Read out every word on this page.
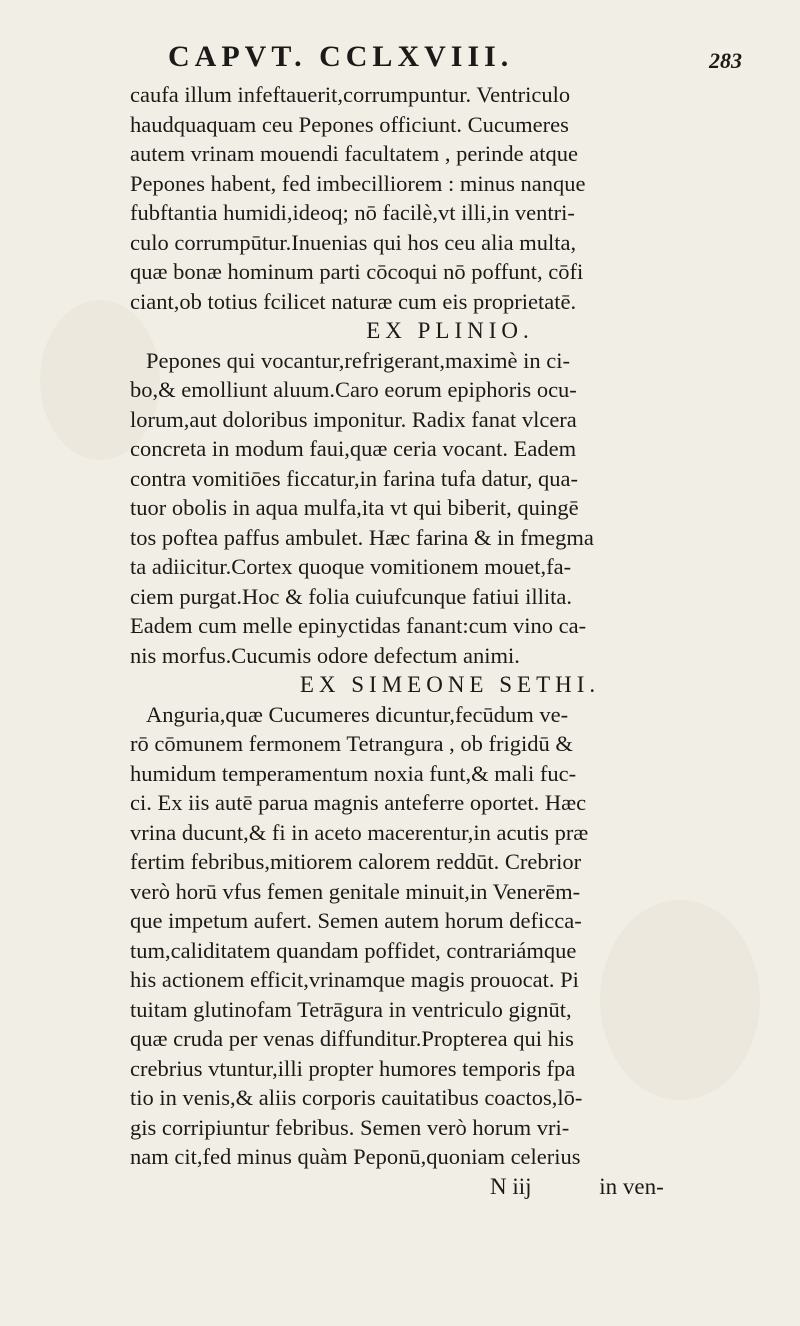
CAPVT. CCLXVIII.	283
caufa illum infeftauerit,corrumpuntur. Ventriculo
haudquaquam ceu Pepones officiunt. Cucumeres
autem vrinam mouendi facultatem , perinde atque
Pepones habent, fed imbecilliorem : minus nanque
fubftantia humidi,ideoq; nō facilè,vt illi,in ventri-
culo corrumpūtur.Inuenias qui hos ceu alia multa,
quæ bonæ hominum parti cōcoqui nō poffunt, cōfi
ciant,ob totius fcilicet naturæ cum eis proprietatē.
EX PLINIO.
Pepones qui vocantur,refrigerant,maximè in ci-
bo,& emolliunt aluum.Caro eorum epiphoris ocu-
lorum,aut doloribus imponitur. Radix fanat vlcera
concreta in modum faui,quæ ceria vocant. Eadem
contra vomitiōes ficcatur,in farina tufa datur, qua-
tuor obolis in aqua mulfa,ita vt qui biberit, quingē
tos poftea paffus ambulet. Hæc farina & in fmegma
ta adiicitur.Cortex quoque vomitionem mouet,fa-
ciem purgat.Hoc & folia cuiufcunque fatiui illita.
Eadem cum melle epinyctidas fanant:cum vino ca-
nis morfus.Cucumis odore defectum animi.
EX SIMEONE SETHI.
Anguria,quæ Cucumeres dicuntur,fecūdum ve-
rō cōmunem fermonem Tetrangura , ob frigidū &
humidum temperamentum noxia funt,& mali fuc-
ci. Ex iis autē parua magnis anteferre oportet. Hæc
vrina ducunt,& fi in aceto macerentur,in acutis præ
fertim febribus,mitiorem calorem reddūt. Crebrior
verò horū vfus femen genitale minuit,in Venerēm-
que impetum aufert. Semen autem horum deficca-
tum,caliditatem quandam poffidet, contrariámque
his actionem efficit,vrinamque magis prouocat. Pi
tuitam glutinofam Tetrāgura in ventriculo gignūt,
quæ cruda per venas diffunditur.Propterea qui his
crebrius vtuntur,illi propter humores temporis fpa
tio in venis,& aliis corporis cauitatibus coactos,lō-
gis corripiuntur febribus. Semen verò horum vri-
nam cit,fed minus quàm Peponū,quoniam celerius
N iij	in ven-
